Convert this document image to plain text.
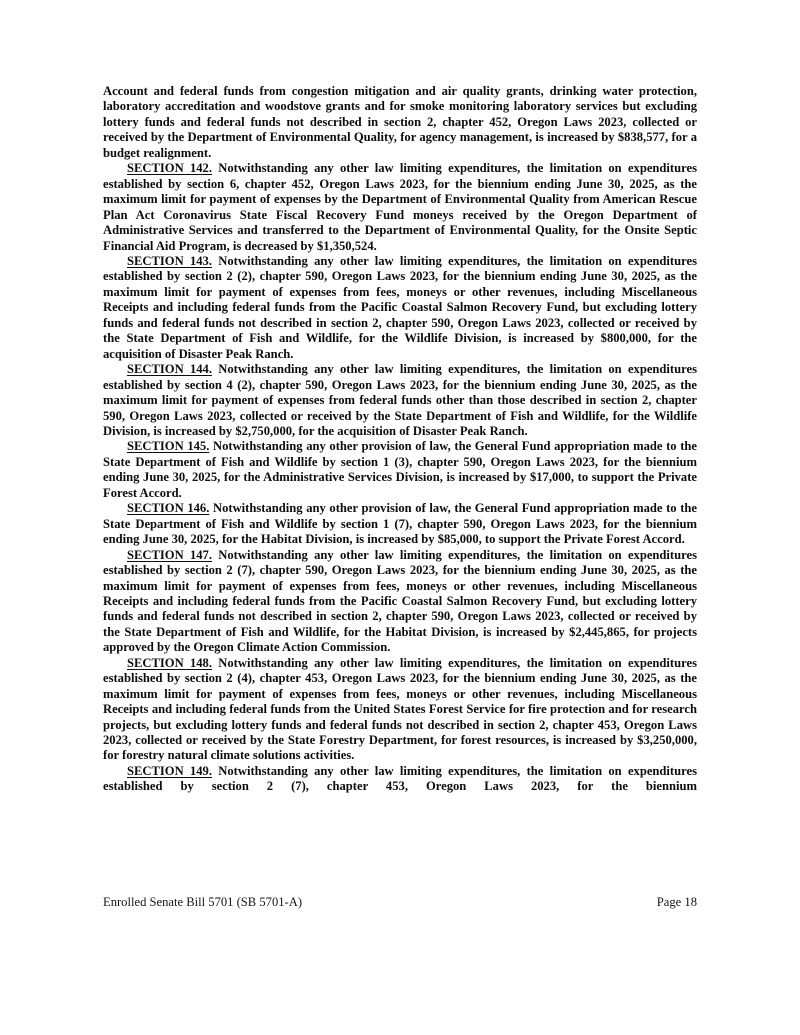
Account and federal funds from congestion mitigation and air quality grants, drinking water protection, laboratory accreditation and woodstove grants and for smoke monitoring laboratory services but excluding lottery funds and federal funds not described in section 2, chapter 452, Oregon Laws 2023, collected or received by the Department of Environmental Quality, for agency management, is increased by $838,577, for a budget realignment.

SECTION 142. Notwithstanding any other law limiting expenditures, the limitation on expenditures established by section 6, chapter 452, Oregon Laws 2023, for the biennium ending June 30, 2025, as the maximum limit for payment of expenses by the Department of Environmental Quality from American Rescue Plan Act Coronavirus State Fiscal Recovery Fund moneys received by the Oregon Department of Administrative Services and transferred to the Department of Environmental Quality, for the Onsite Septic Financial Aid Program, is decreased by $1,350,524.

SECTION 143. Notwithstanding any other law limiting expenditures, the limitation on expenditures established by section 2 (2), chapter 590, Oregon Laws 2023, for the biennium ending June 30, 2025, as the maximum limit for payment of expenses from fees, moneys or other revenues, including Miscellaneous Receipts and including federal funds from the Pacific Coastal Salmon Recovery Fund, but excluding lottery funds and federal funds not described in section 2, chapter 590, Oregon Laws 2023, collected or received by the State Department of Fish and Wildlife, for the Wildlife Division, is increased by $800,000, for the acquisition of Disaster Peak Ranch.

SECTION 144. Notwithstanding any other law limiting expenditures, the limitation on expenditures established by section 4 (2), chapter 590, Oregon Laws 2023, for the biennium ending June 30, 2025, as the maximum limit for payment of expenses from federal funds other than those described in section 2, chapter 590, Oregon Laws 2023, collected or received by the State Department of Fish and Wildlife, for the Wildlife Division, is increased by $2,750,000, for the acquisition of Disaster Peak Ranch.

SECTION 145. Notwithstanding any other provision of law, the General Fund appropriation made to the State Department of Fish and Wildlife by section 1 (3), chapter 590, Oregon Laws 2023, for the biennium ending June 30, 2025, for the Administrative Services Division, is increased by $17,000, to support the Private Forest Accord.

SECTION 146. Notwithstanding any other provision of law, the General Fund appropriation made to the State Department of Fish and Wildlife by section 1 (7), chapter 590, Oregon Laws 2023, for the biennium ending June 30, 2025, for the Habitat Division, is increased by $85,000, to support the Private Forest Accord.

SECTION 147. Notwithstanding any other law limiting expenditures, the limitation on expenditures established by section 2 (7), chapter 590, Oregon Laws 2023, for the biennium ending June 30, 2025, as the maximum limit for payment of expenses from fees, moneys or other revenues, including Miscellaneous Receipts and including federal funds from the Pacific Coastal Salmon Recovery Fund, but excluding lottery funds and federal funds not described in section 2, chapter 590, Oregon Laws 2023, collected or received by the State Department of Fish and Wildlife, for the Habitat Division, is increased by $2,445,865, for projects approved by the Oregon Climate Action Commission.

SECTION 148. Notwithstanding any other law limiting expenditures, the limitation on expenditures established by section 2 (4), chapter 453, Oregon Laws 2023, for the biennium ending June 30, 2025, as the maximum limit for payment of expenses from fees, moneys or other revenues, including Miscellaneous Receipts and including federal funds from the United States Forest Service for fire protection and for research projects, but excluding lottery funds and federal funds not described in section 2, chapter 453, Oregon Laws 2023, collected or received by the State Forestry Department, for forest resources, is increased by $3,250,000, for forestry natural climate solutions activities.

SECTION 149. Notwithstanding any other law limiting expenditures, the limitation on expenditures established by section 2 (7), chapter 453, Oregon Laws 2023, for the biennium

Enrolled Senate Bill 5701 (SB 5701-A)	Page 18
